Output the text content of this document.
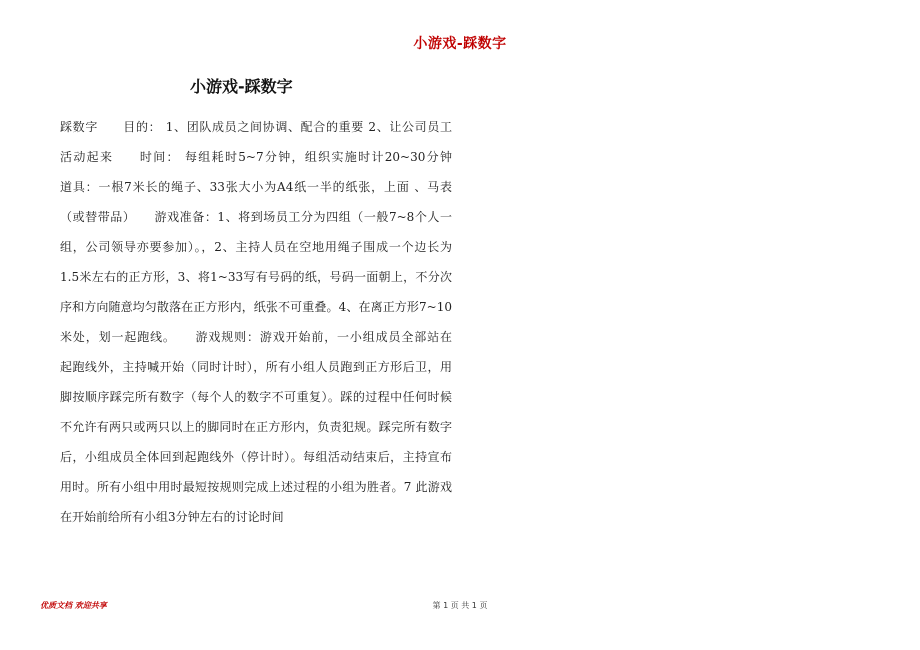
小游戏-踩数字
小游戏-踩数字
踩数字　　目的： 1、团队成员之间协调、配合的重要 2、让公司员工
活动起来　　时间： 每组耗时5~7分钟，组织实施时计20~30分钟
道具：一根7米长的绳子、33张大小为A4纸一半的纸张，上面 、马表
（或替带品）　　游戏准备：1、将到场员工分为四组（一般7~8个人一
组，公司领导亦要参加）。，2、主持人员在空地用绳子围成一个边长为
1.5米左右的正方形，3、将1~33写有号码的纸，号码一面朝上，不分次
序和方向随意均匀散落在正方形内，纸张不可重叠。4、在离正方形7~10
米处，划一起跑线。　　游戏规则：游戏开始前，一小组成员全部站在
起跑线外，主持喊开始（同时计时），所有小组人员跑到正方形后卫，用
脚按顺序踩完所有数字（每个人的数字不可重复）。踩的过程中任何时候
不允许有两只或两只以上的脚同时在正方形内，负责犯规。踩完所有数字
后，小组成员全体回到起跑线外（停计时）。每组活动结束后，主持宣布
用时。所有小组中用时最短按规则完成上述过程的小组为胜者。7 此游戏
在开始前给所有小组3分钟左右的讨论时间
优质文档 欢迎共享	第 1 页 共 1 页
